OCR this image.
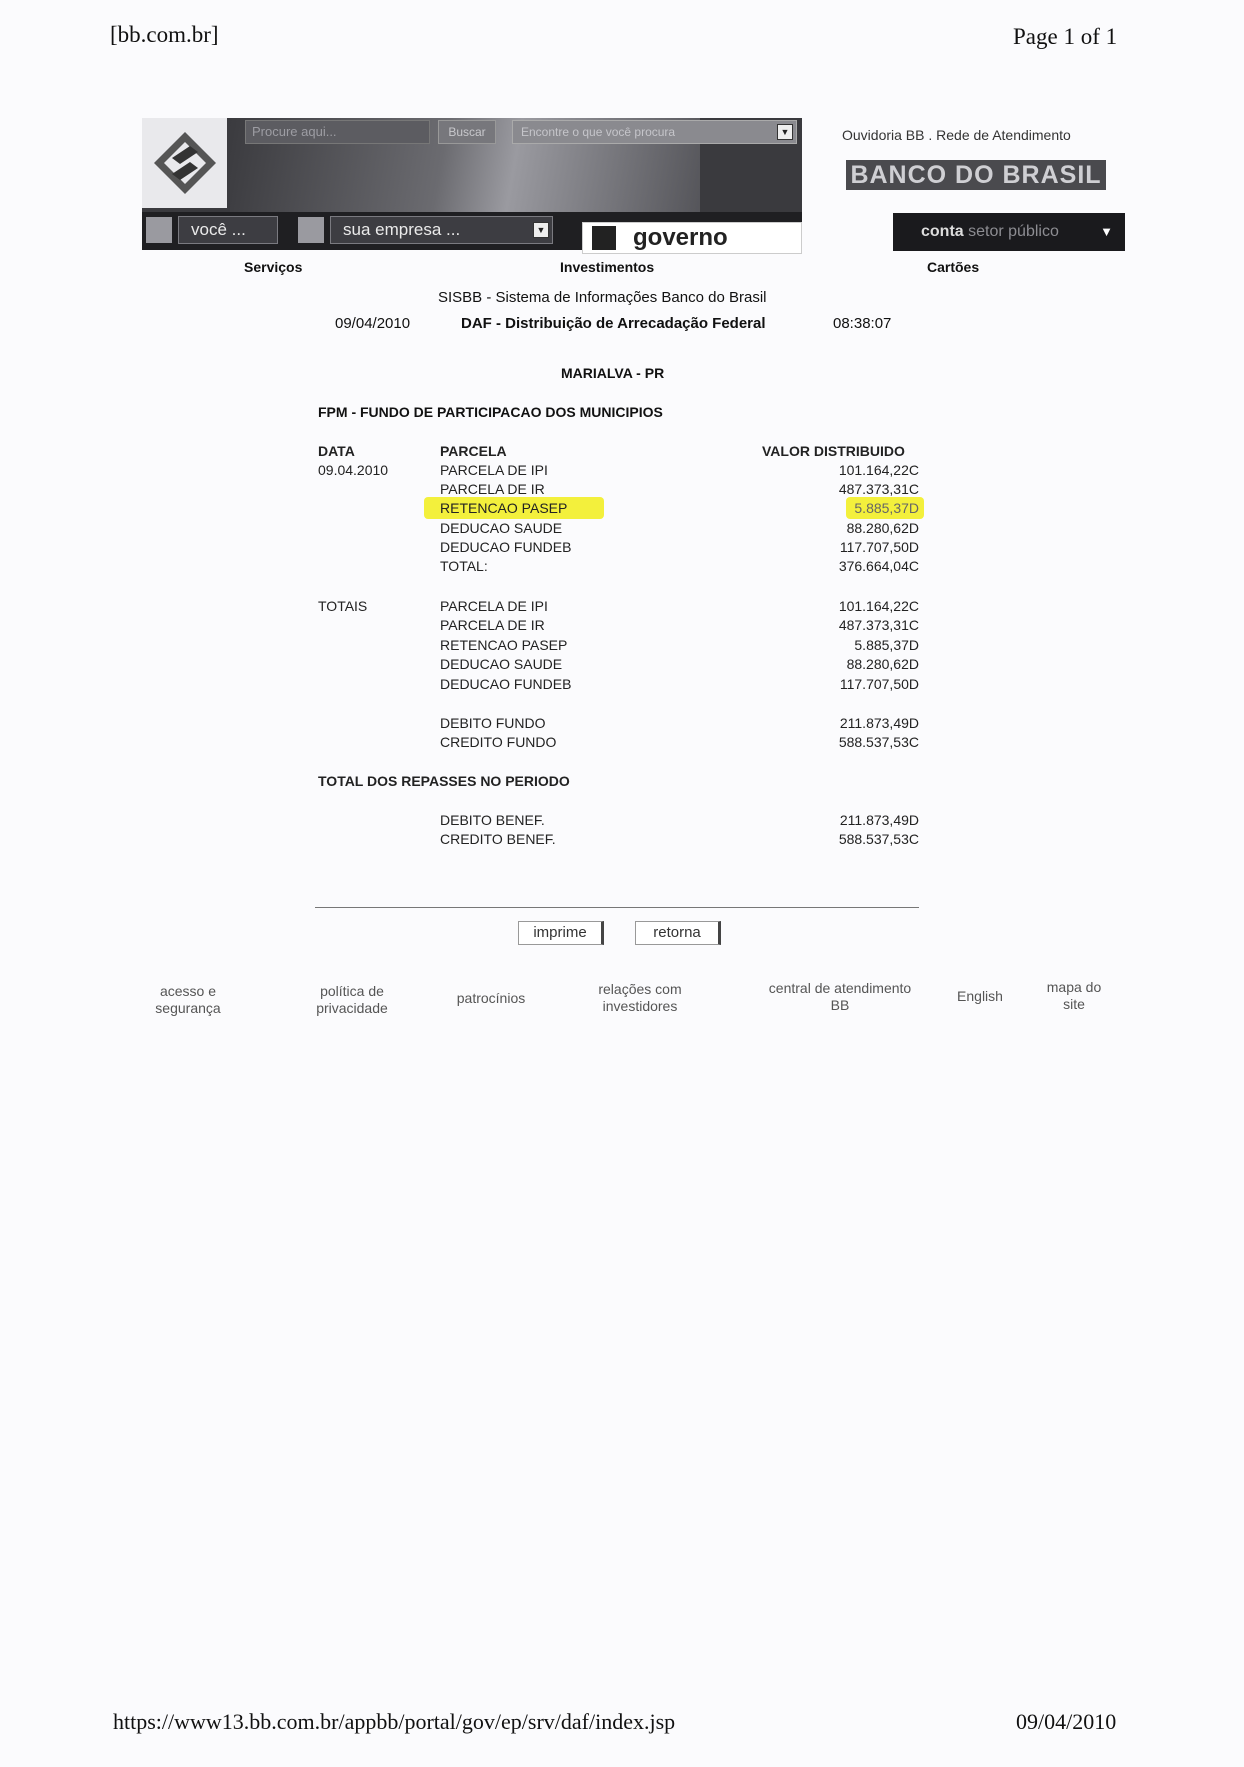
[bb.com.br]	Page 1 of 1
Procure aqui...	Buscar	Encontre o que você procura	▼
você ...	sua empresa ...	▼	governo
Ouvidoria BB . Rede de Atendimento
BANCO DO BRASIL
conta setor público	▼
Serviços	Investimentos	Cartões
SISBB - Sistema de Informações Banco do Brasil
09/04/2010	DAF - Distribuição de Arrecadação Federal	08:38:07
MARIALVA - PR
FPM - FUNDO DE PARTICIPACAO DOS MUNICIPIOS
DATA	PARCELA	VALOR DISTRIBUIDO
09.04.2010	PARCELA DE IPI	101.164,22C
PARCELA DE IR	487.373,31C
RETENCAO PASEP	5.885,37D
DEDUCAO SAUDE	88.280,62D
DEDUCAO FUNDEB	117.707,50D
TOTAL:	376.664,04C
TOTAIS	PARCELA DE IPI	101.164,22C
PARCELA DE IR	487.373,31C
RETENCAO PASEP	5.885,37D
DEDUCAO SAUDE	88.280,62D
DEDUCAO FUNDEB	117.707,50D
DEBITO FUNDO	211.873,49D
CREDITO FUNDO	588.537,53C
TOTAL DOS REPASSES NO PERIODO
DEBITO BENEF.	211.873,49D
CREDITO BENEF.	588.537,53C
imprime	retorna
acesso e
segurança
política de
privacidade
patrocínios
relações com
investidores
central de atendimento
BB
English
mapa do
site
https://www13.bb.com.br/appbb/portal/gov/ep/srv/daf/index.jsp	09/04/2010
